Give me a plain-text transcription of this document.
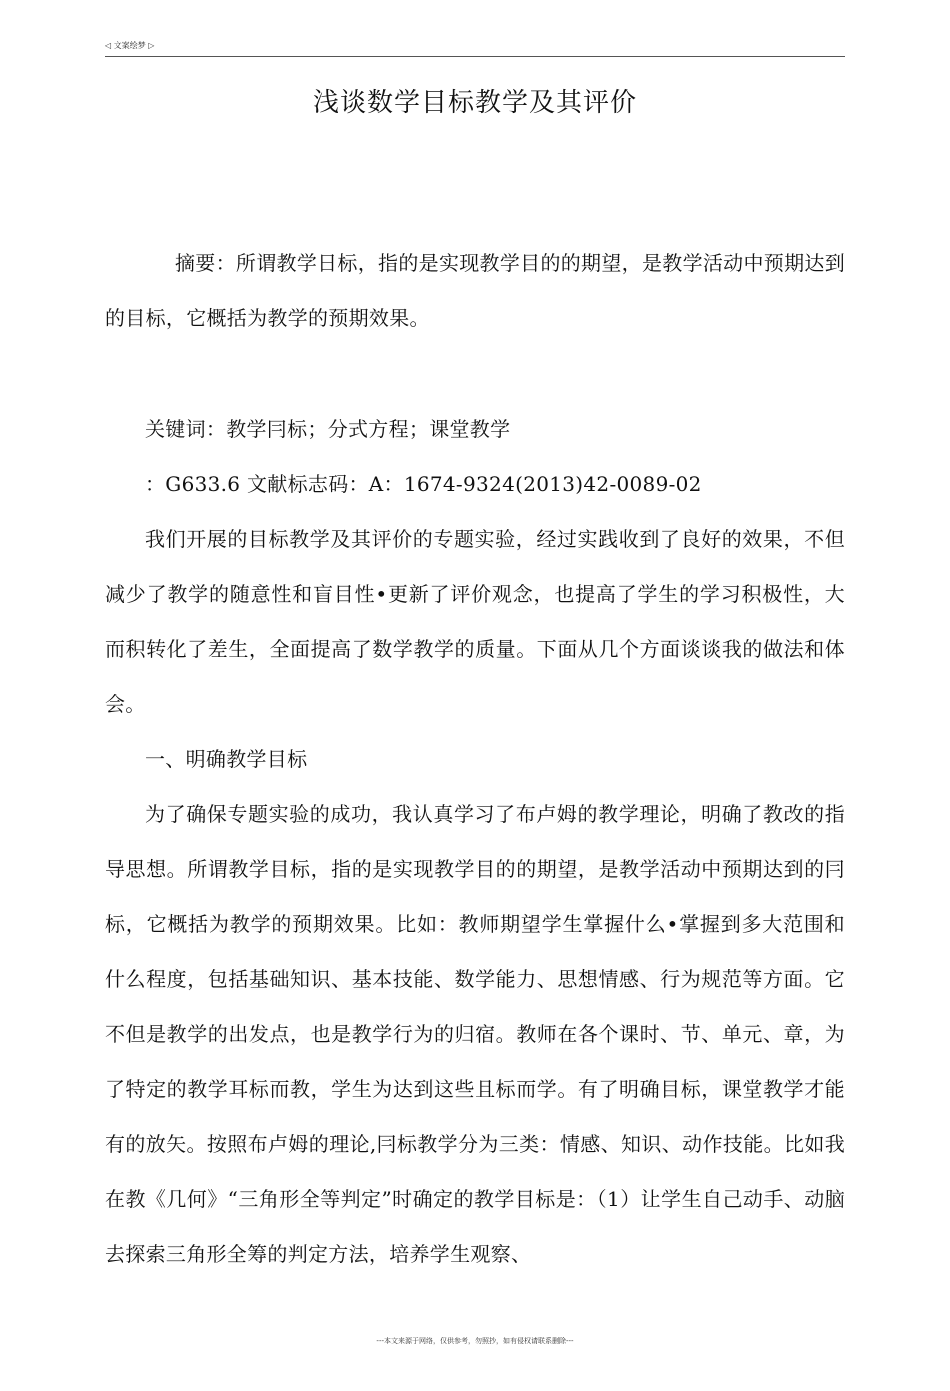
◁ 文案绘梦 ▷
浅谈数学目标教学及其评价

摘要：所谓教学日标，指的是实现教学目的的期望，是教学活动中预期达到的目标，它概括为教学的预期效果。

关键词：教学冃标；分式方程；课堂教学

：G633.6 文献标志码：A：1674-9324(2013)42-0089-02

我们开展的目标教学及其评价的专题实验，经过实践收到了良好的效果，不但减少了教学的随意性和盲目性•更新了评价观念，也提高了学生的学习积极性，大而积转化了差生，全面提高了数学教学的质量。下面从几个方面谈谈我的做法和体会。

一、明确教学目标

为了确保专题实验的成功，我认真学习了布卢姆的教学理论，明确了教改的指导思想。所谓教学目标，指的是实现教学目的的期望，是教学活动中预期达到的冃标，它概括为教学的预期效果。比如：教师期望学生掌握什么•掌握到多大范围和什么程度，包括基础知识、基本技能、数学能力、思想情感、行为规范等方面。它不但是教学的出发点，也是教学行为的归宿。教师在各个课时、节、单元、章，为了特定的教学耳标而教，学生为达到这些且标而学。有了明确目标，课堂教学才能有的放矢。按照布卢姆的理论,冃标教学分为三类：情感、知识、动作技能。比如我在教《几何》“三角形全等判定”时确定的教学目标是：（1）让学生自己动手、动脑去探索三角形全筹的判定方法，培养学生观察、

---本文来源于网络，仅供参考，勿照抄，如有侵权请联系删除---
